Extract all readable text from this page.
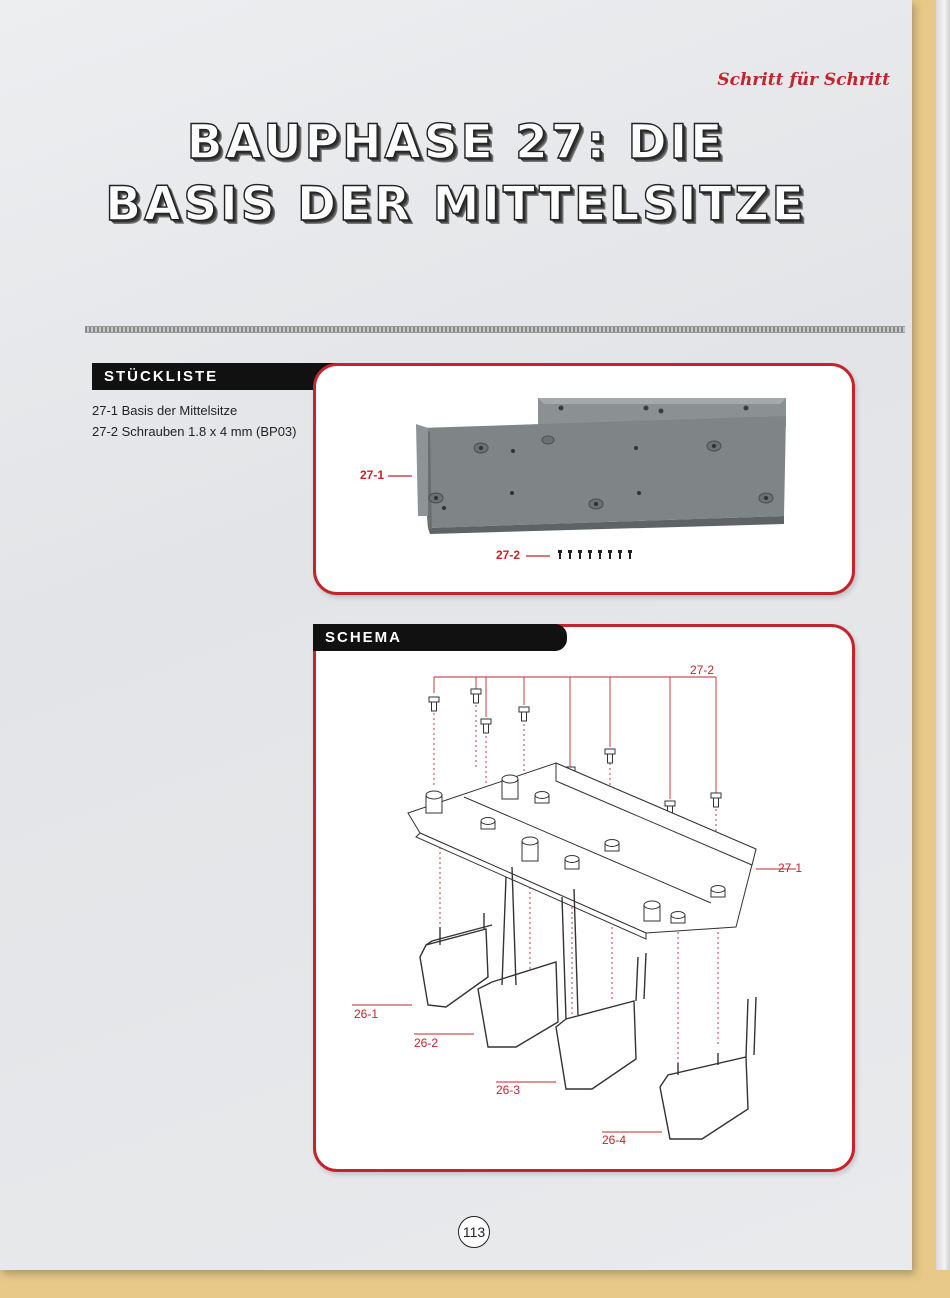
Schritt für Schritt
BAUPHASE 27: DIE
BASIS DER MITTELSITZE
STÜCKLISTE
27-1 Basis der Mittelsitze
27-2 Schrauben 1.8 x 4 mm (BP03)
27-1
27-2
SCHEMA
27-2
27-1
26-1
26-2
26-3
26-4
113
